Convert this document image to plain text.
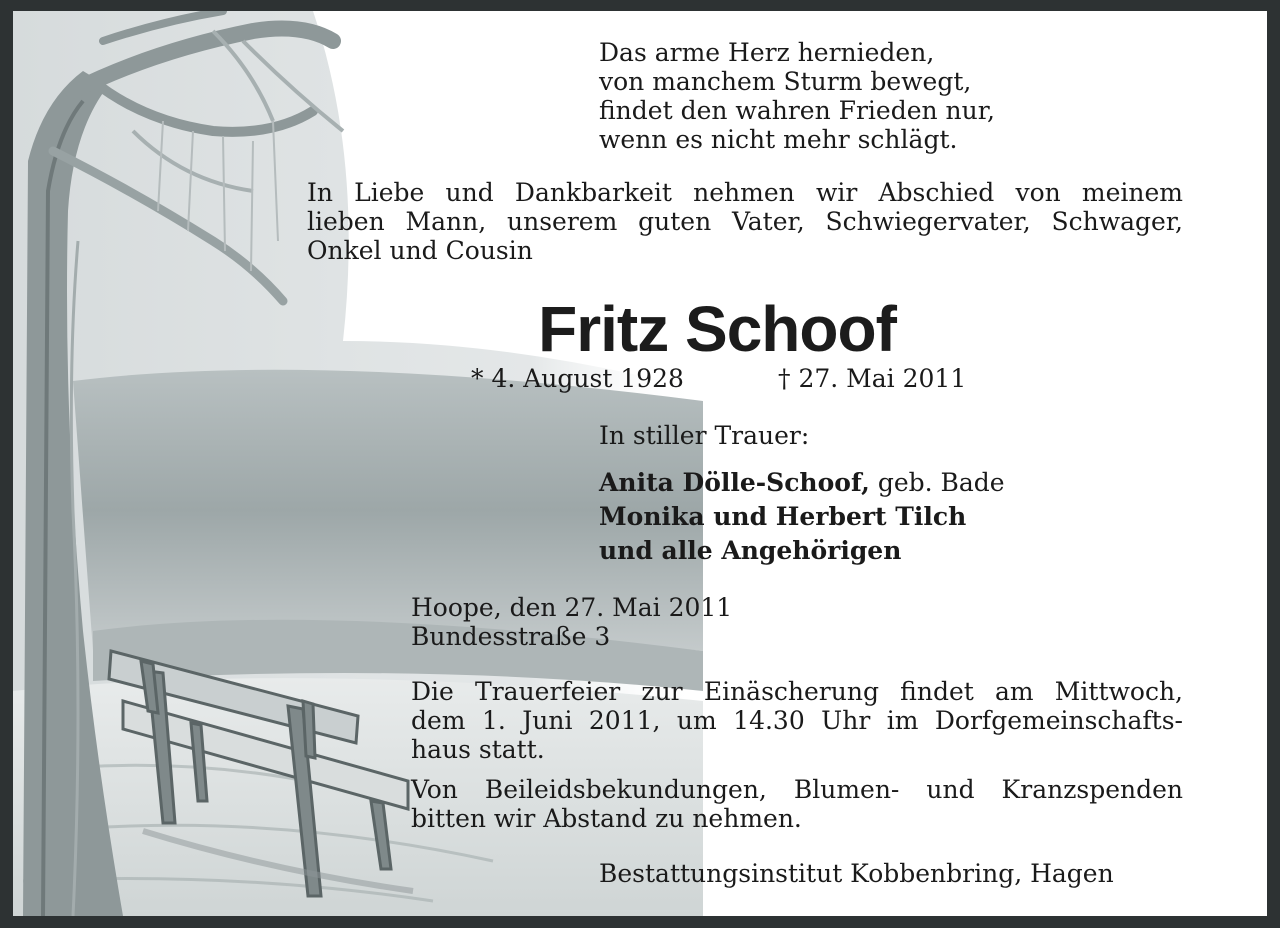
Das arme Herz hernieden,
von manchem Sturm bewegt,
findet den wahren Frieden nur,
wenn es nicht mehr schlägt.
In Liebe und Dankbarkeit nehmen wir Abschied von meinem
lieben Mann, unserem guten Vater, Schwiegervater, Schwager,
Onkel und Cousin
Fritz Schoof
* 4. August 1928	† 27. Mai 2011
In stiller Trauer:
Anita Dölle-Schoof, geb. Bade
Monika und Herbert Tilch
und alle Angehörigen
Hoope, den 27. Mai 2011
Bundesstraße 3
Die Trauerfeier zur Einäscherung findet am Mittwoch,
dem 1. Juni 2011, um 14.30 Uhr im Dorfgemeinschafts-
haus statt.
Von Beileidsbekundungen, Blumen- und Kranzspenden
bitten wir Abstand zu nehmen.
Bestattungsinstitut Kobbenbring, Hagen
